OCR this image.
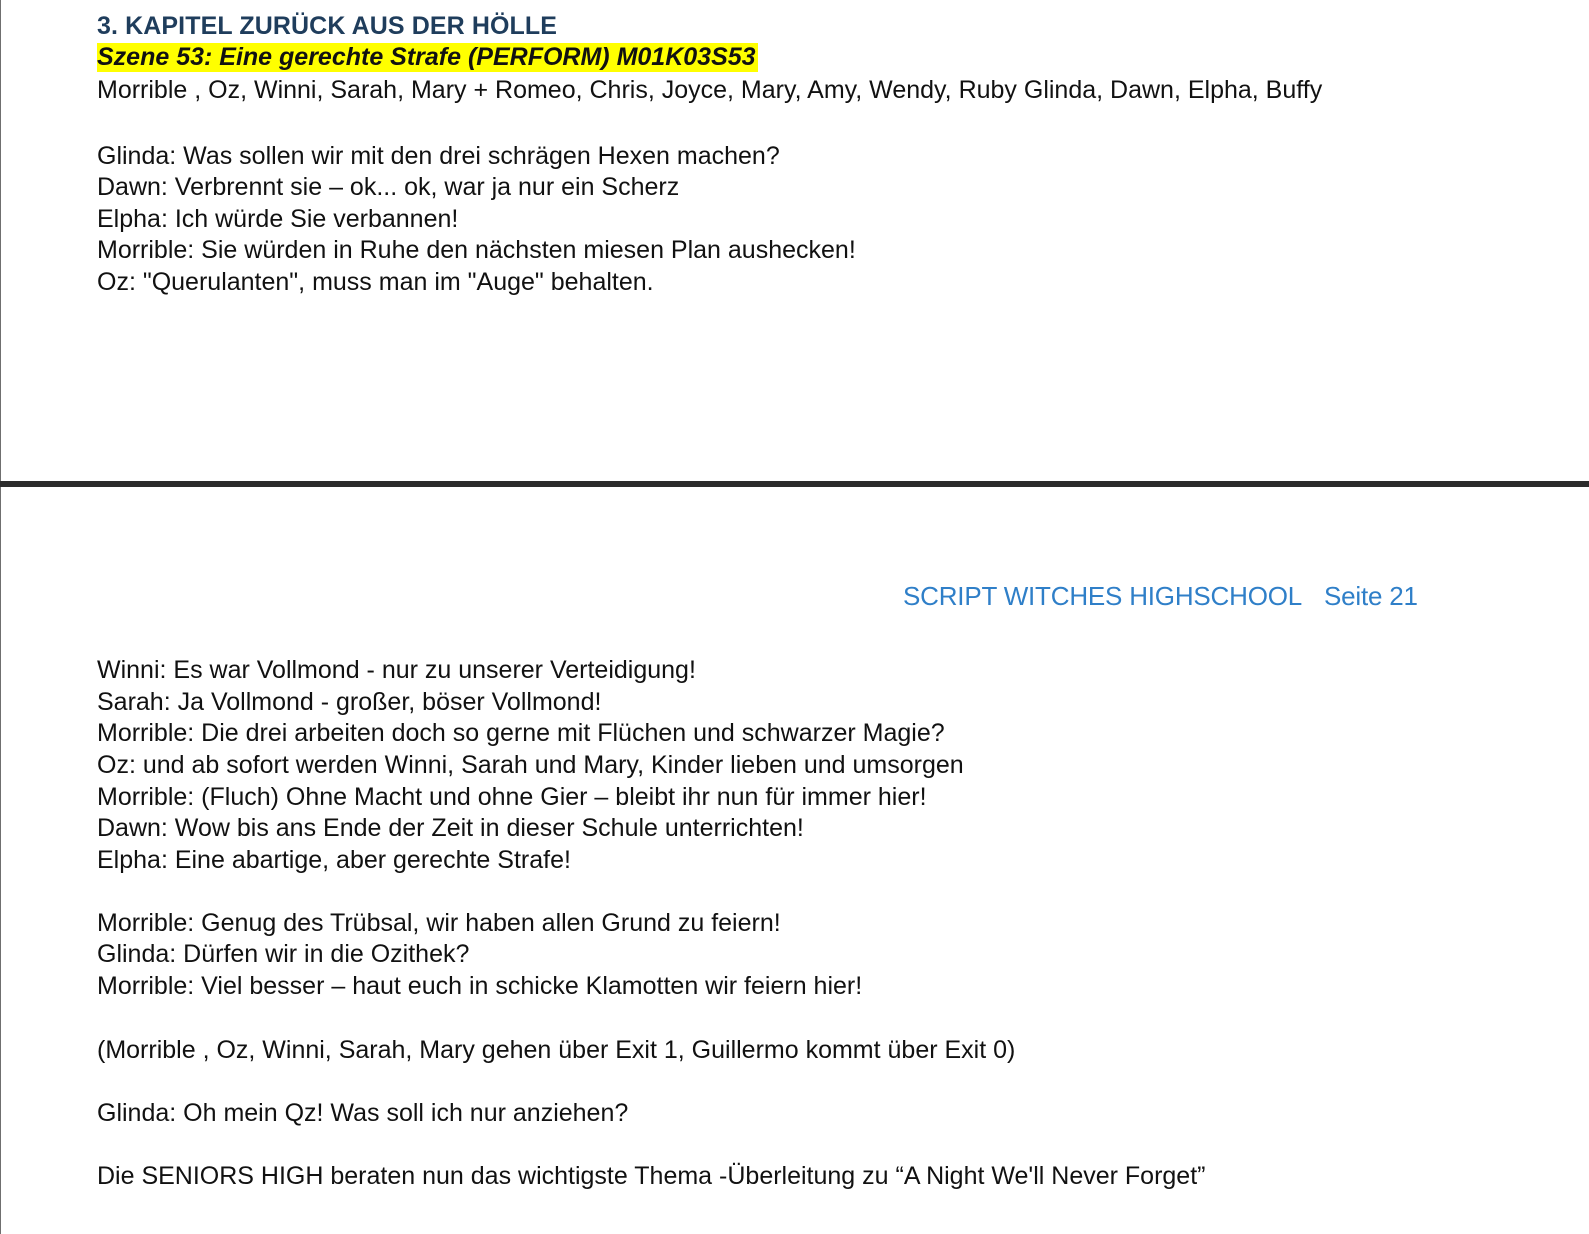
3. KAPITEL ZURÜCK AUS DER HÖLLE
Szene 53: Eine gerechte Strafe (PERFORM) M01K03S53
Morrible , Oz, Winni, Sarah, Mary + Romeo, Chris, Joyce, Mary, Amy, Wendy, Ruby Glinda, Dawn, Elpha, Buffy
Glinda: Was sollen wir mit den drei schrägen Hexen machen?
Dawn: Verbrennt sie – ok... ok, war ja nur ein Scherz
Elpha: Ich würde Sie verbannen!
Morrible: Sie würden in Ruhe den nächsten miesen Plan aushecken!
Oz: "Querulanten", muss man im "Auge" behalten.
SCRIPT WITCHES HIGHSCHOOL Seite 21
Winni: Es war Vollmond - nur zu unserer Verteidigung!
Sarah: Ja Vollmond - großer, böser Vollmond!
Morrible: Die drei arbeiten doch so gerne mit Flüchen und schwarzer Magie?
Oz: und ab sofort werden Winni, Sarah und Mary, Kinder lieben und umsorgen
Morrible: (Fluch) Ohne Macht und ohne Gier – bleibt ihr nun für immer hier!
Dawn: Wow bis ans Ende der Zeit in dieser Schule unterrichten!
Elpha: Eine abartige, aber gerechte Strafe!
Morrible: Genug des Trübsal, wir haben allen Grund zu feiern!
Glinda: Dürfen wir in die Ozithek?
Morrible: Viel besser – haut euch in schicke Klamotten wir feiern hier!
(Morrible , Oz, Winni, Sarah, Mary gehen über Exit 1, Guillermo kommt über Exit 0)
Glinda: Oh mein Qz! Was soll ich nur anziehen?
Die SENIORS HIGH beraten nun das wichtigste Thema -Überleitung zu “A Night We'll Never Forget”
